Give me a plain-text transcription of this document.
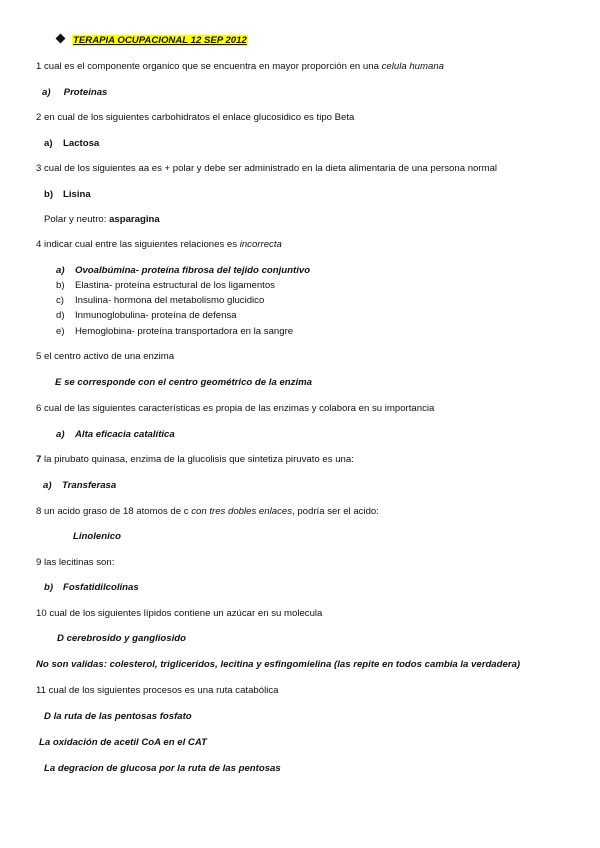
TERAPIA OCUPACIONAL 12 SEP 2012
1 cual es el componente organico que se encuentra en mayor proporción en una celula humana
a) Proteinas
2 en cual de los siguientes carbohidratos el enlace glucosidico es tipo Beta
a) Lactosa
3 cual de los siguientes aa es + polar y debe ser administrado en la dieta alimentaria de una persona normal
b) Lisina
Polar y neutro: asparagina
4 indicar cual entre las siguientes relaciones es incorrecta
a) Ovoalbúmina- proteína fibrosa del tejido conjuntivo
b) Elastina- proteína estructural de los ligamentos
c) Insulina- hormona del metabolismo glucidico
d) Inmunoglobulina- proteína de defensa
e) Hemoglobina- proteína transportadora en la sangre
5 el centro activo de una enzima
E se corresponde con el centro geométrico de la enzima
6 cual de las siguientes características es propia de las enzimas y colabora en su importancia
a) Alta eficacia catalítica
7 la pirubato quinasa, enzima de la glucolisis que sintetiza piruvato es una:
a) Transferasa
8 un acido graso de 18 atomos de c con tres dobles enlaces, podría ser el acido:
Linolenico
9 las lecitinas son:
b) Fosfatidilcolinas
10 cual de los siguientes lípidos contiene un azúcar en su molecula
D cerebrosido y gangliosido
No son validas: colesterol, trigliceridos, lecitina y esfingomielina (las repite en todos cambia la verdadera)
11 cual de los siguientes procesos es una ruta catabólica
D la ruta de las pentosas fosfato
La oxidación de acetil CoA en el CAT
La degracion de glucosa por la ruta de las pentosas
